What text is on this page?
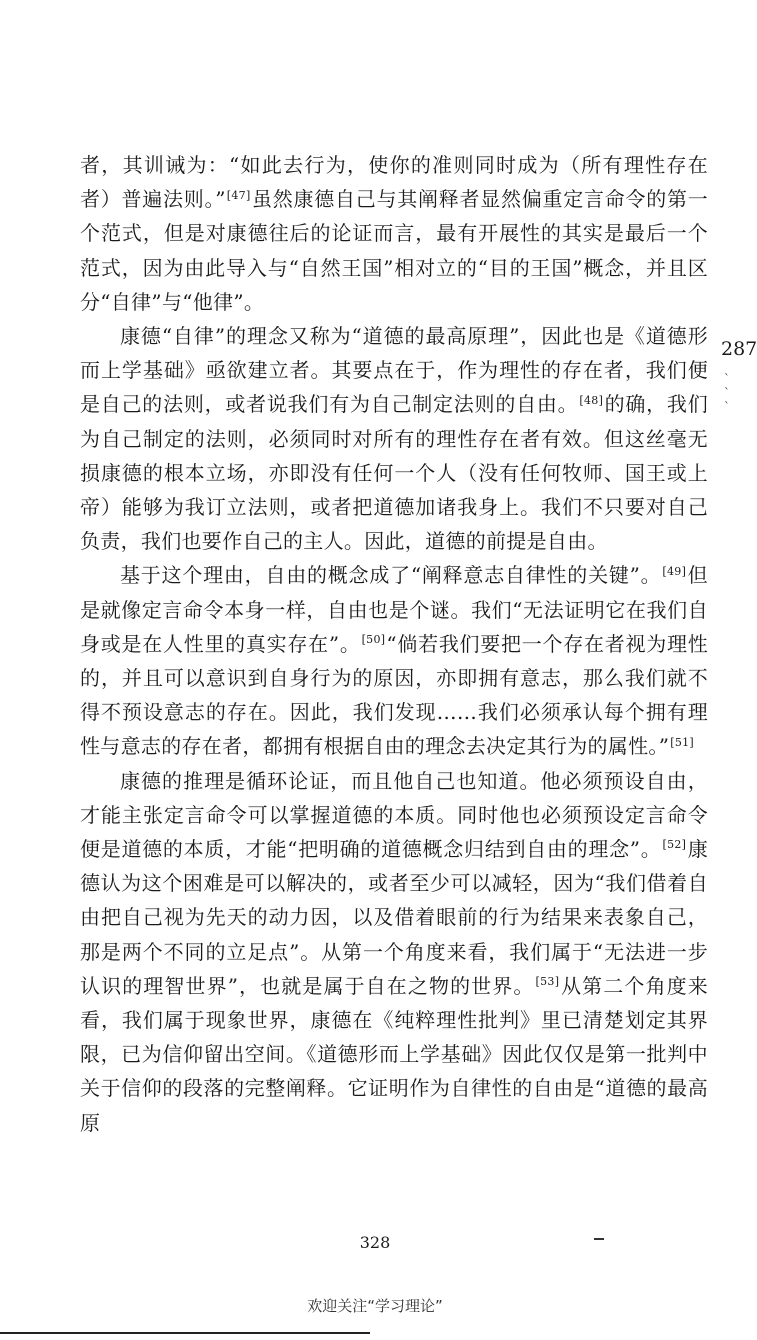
者，其训诫为：“如此去行为，使你的准则同时成为（所有理性存在者）普遍法则。”[47]虽然康德自己与其阐释者显然偏重定言命令的第一个范式，但是对康德往后的论证而言，最有开展性的其实是最后一个范式，因为由此导入与“自然王国”相对立的“目的王国”概念，并且区分“自律”与“他律”。

康德“自律”的理念又称为“道德的最高原理”，因此也是《道德形而上学基础》亟欲建立者。其要点在于，作为理性的存在者，我们便是自己的法则，或者说我们有为自己制定法则的自由。[48]的确，我们为自己制定的法则，必须同时对所有的理性存在者有效。但这丝毫无损康德的根本立场，亦即没有任何一个人（没有任何牧师、国王或上帝）能够为我订立法则，或者把道德加诸我身上。我们不只要对自己负责，我们也要作自己的主人。因此，道德的前提是自由。

基于这个理由，自由的概念成了“阐释意志自律性的关键”。[49]但是就像定言命令本身一样，自由也是个谜。我们“无法证明它在我们自身或是在人性里的真实存在”。[50]“倘若我们要把一个存在者视为理性的，并且可以意识到自身行为的原因，亦即拥有意志，那么我们就不得不预设意志的存在。因此，我们发现……我们必须承认每个拥有理性与意志的存在者，都拥有根据自由的理念去决定其行为的属性。”[51]

康德的推理是循环论证，而且他自己也知道。他必须预设自由，才能主张定言命令可以掌握道德的本质。同时他也必须预设定言命令便是道德的本质，才能“把明确的道德概念归结到自由的理念”。[52]康德认为这个困难是可以解决的，或者至少可以减轻，因为“我们借着自由把自己视为先天的动力因，以及借着眼前的行为结果来表象自己，那是两个不同的立足点”。从第一个角度来看，我们属于“无法进一步认识的理智世界”，也就是属于自在之物的世界。[53]从第二个角度来看，我们属于现象世界，康德在《纯粹理性批判》里已清楚划定其界限，已为信仰留出空间。《道德形而上学基础》因此仅仅是第一批判中关于信仰的段落的完整阐释。它证明作为自律性的自由是“道德的最高原

287
` ` `
328
欢迎关注“学习理论”
